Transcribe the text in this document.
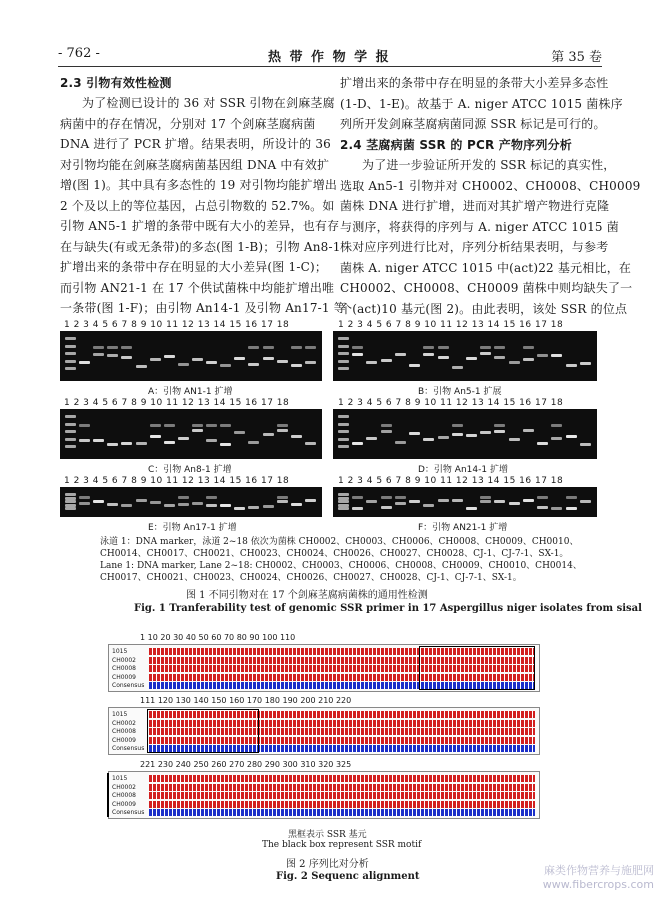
- 762 -	热 带 作 物 学 报	第 35 卷
2.3 引物有效性检测
为了检测已设计的 36 对 SSR 引物在剑麻茎腐
病菌中的存在情况，分别对 17 个剑麻茎腐病菌
DNA 进行了 PCR 扩增。结果表明，所设计的 36
对引物均能在剑麻茎腐病菌基因组 DNA 中有效扩
增(图 1)。其中具有多态性的 19 对引物均能扩增出
2 个及以上的等位基因，占总引物数的 52.7%。如
引物 AN5-1 扩增的条带中既有大小的差异，也有存
在与缺失(有或无条带)的多态(图 1-B)；引物 An8-1
扩增出来的条带中存在明显的大小差异(图 1-C)；
而引物 AN21-1 在 17 个供试菌株中均能扩增出唯
一条带(图 1-F)；由引物 An14-1 及引物 An17-1 等
扩增出来的条带中存在明显的条带大小差异多态性
(1-D、1-E)。故基于 A. niger ATCC 1015 菌株序
列所开发剑麻茎腐病菌同源 SSR 标记是可行的。
2.4 茎腐病菌 SSR 的 PCR 产物序列分析
为了进一步验证所开发的 SSR 标记的真实性，
选取 An5-1 引物并对 CH0002、CH0008、CH0009
菌株 DNA 进行扩增，进而对其扩增产物进行克隆
与测序，将获得的序列与 A. niger ATCC 1015 菌
株对应序列进行比对，序列分析结果表明，与参考
菌株 A. niger ATCC 1015 中(act)22 基元相比，在
CH0002、CH0008、CH0009 菌株中则均缺失了一
个(act)10 基元(图 2)。由此表明，该处 SSR 的位点
1 2 3 4 5 6 7 8 9 10 11 12 13 14 15 16 17 18	1 2 3 4 5 6 7 8 9 10 11 12 13 14 15 16 17 18
A：引物 AN1-1 扩增	B：引物 An5-1 扩展
1 2 3 4 5 6 7 8 9 10 11 12 13 14 15 16 17 18	1 2 3 4 5 6 7 8 9 10 11 12 13 14 15 16 17 18
C：引物 An8-1 扩增	D：引物 An14-1 扩增
1 2 3 4 5 6 7 8 9 10 11 12 13 14 15 16 17 18	1 2 3 4 5 6 7 8 9 10 11 12 13 14 15 16 17 18
E：引物 An17-1 扩增	F：引物 AN21-1 扩增
泳道 1：DNA marker，泳道 2~18 依次为菌株 CH0002、CH0003、CH0006、CH0008、CH0009、CH0010、
CH0014、CH0017、CH0021、CH0023、CH0024、CH0026、CH0027、CH0028、CJ-1、CJ-7-1、SX-1。
Lane 1: DNA marker, Lane 2~18: CH0002、CH0003、CH0006、CH0008、CH0009、CH0010、CH0014、
CH0017、CH0021、CH0023、CH0024、CH0026、CH0027、CH0028、CJ-1、CJ-7-1、SX-1。
图 1 不同引物对在 17 个剑麻茎腐病菌株的通用性检测
Fig. 1 Tranferability test of genomic SSR primer in 17 Aspergillus niger isolates from sisal
1 10 20 30 40 50 60 70 80 90 100 110
1015
CH0002
CH0008
CH0009
Consensus
111 120 130 140 150 160 170 180 190 200 210 220
1015
CH0002
CH0008
CH0009
Consensus
221 230 240 250 260 270 280 290 300 310 320 325
1015
CH0002
CH0008
CH0009
Consensus
黑框表示 SSR 基元
The black box represent SSR motif
图 2 序列比对分析
Fig. 2 Sequenc alignment	麻类作物营养与施肥网
www.fibercrops.com
